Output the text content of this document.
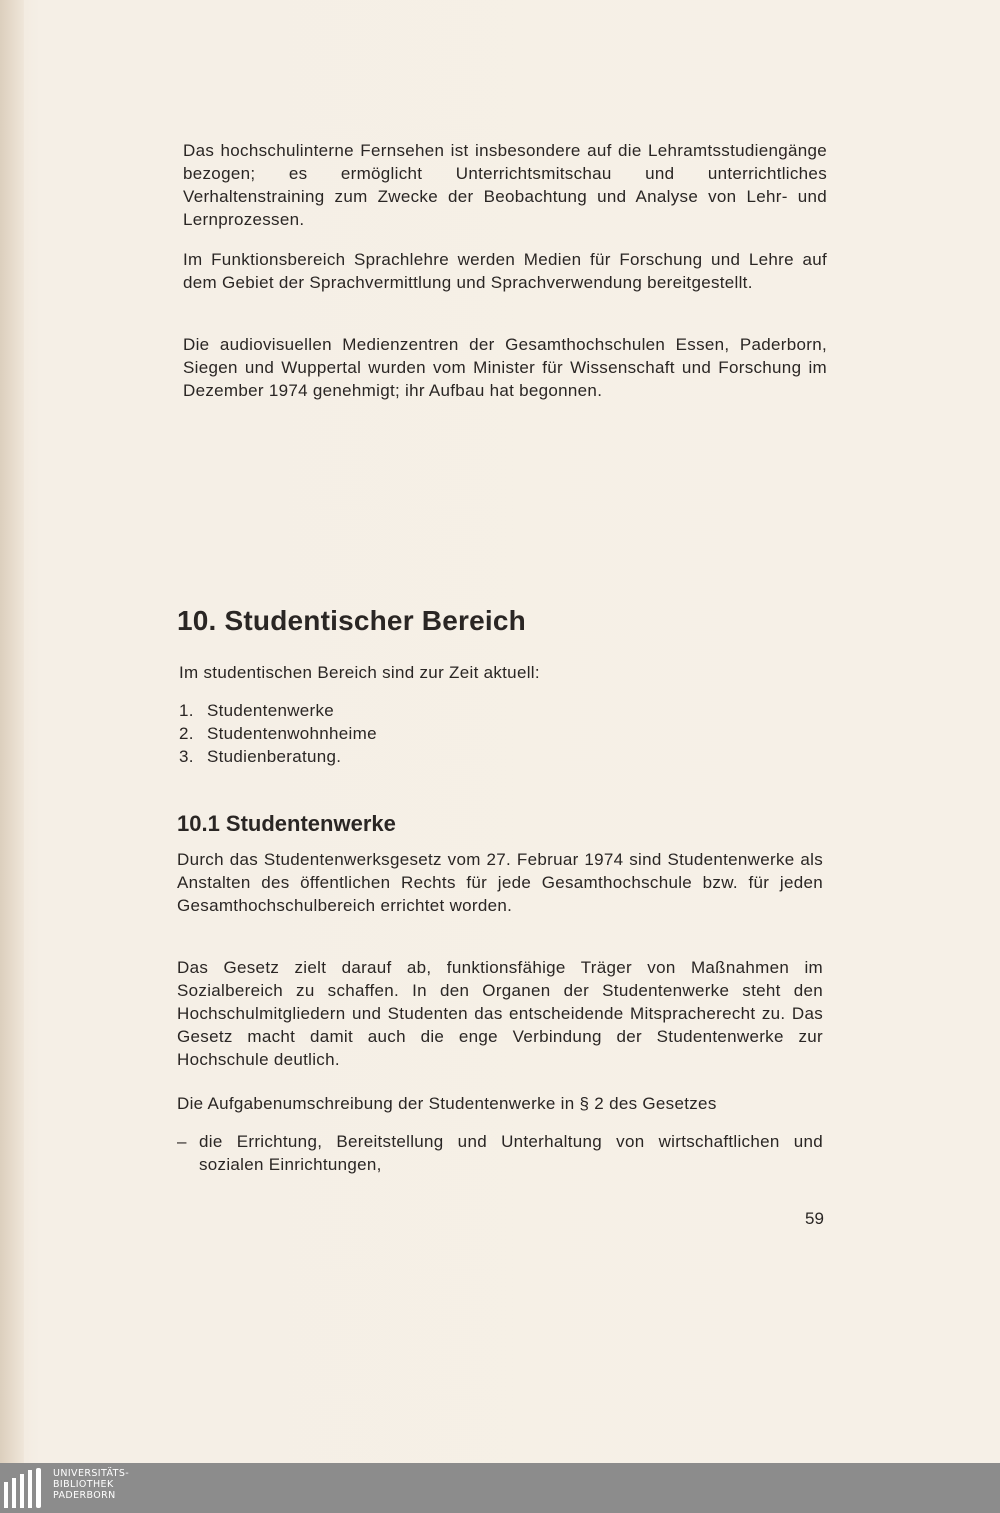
Das hochschulinterne Fernsehen ist insbesondere auf die Lehramtsstudiengänge bezogen; es ermöglicht Unterrichtsmitschau und unterrichtliches Verhaltenstraining zum Zwecke der Beobachtung und Analyse von Lehr- und Lernprozessen.

Im Funktionsbereich Sprachlehre werden Medien für Forschung und Lehre auf dem Gebiet der Sprachvermittlung und Sprachverwendung bereitgestellt.

Die audiovisuellen Medienzentren der Gesamthochschulen Essen, Paderborn, Siegen und Wuppertal wurden vom Minister für Wissenschaft und Forschung im Dezember 1974 genehmigt; ihr Aufbau hat begonnen.

10. Studentischer Bereich

Im studentischen Bereich sind zur Zeit aktuell:

1. Studentenwerke
2. Studentenwohnheime
3. Studienberatung.
10.1 Studentenwerke

Durch das Studentenwerksgesetz vom 27. Februar 1974 sind Studentenwerke als Anstalten des öffentlichen Rechts für jede Gesamthochschule bzw. für jeden Gesamthochschulbereich errichtet worden.

Das Gesetz zielt darauf ab, funktionsfähige Träger von Maßnahmen im Sozialbereich zu schaffen. In den Organen der Studentenwerke steht den Hochschulmitgliedern und Studenten das entscheidende Mitspracherecht zu. Das Gesetz macht damit auch die enge Verbindung der Studentenwerke zur Hochschule deutlich.

Die Aufgabenumschreibung der Studentenwerke in § 2 des Gesetzes

– die Errichtung, Bereitstellung und Unterhaltung von wirtschaftlichen und sozialen Einrichtungen,

59
UNIVERSITÄTS-
BIBLIOTHEK
PADERBORN
